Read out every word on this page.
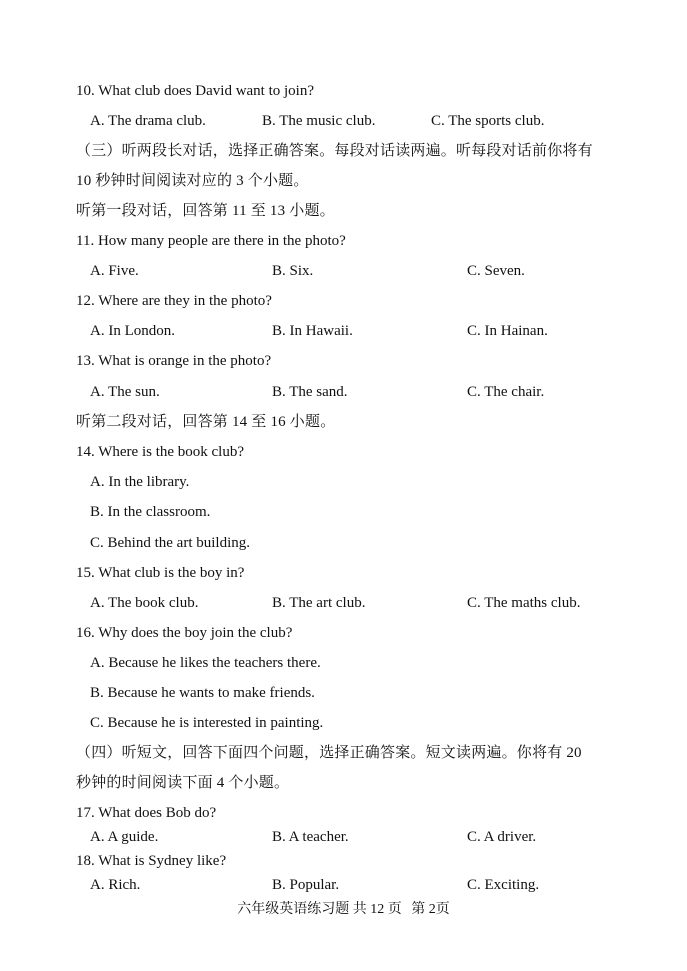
10. What club does David want to join?
A. The drama club.	B. The music club.	C. The sports club.
（三）听两段长对话，选择正确答案。每段对话读两遍。听每段对话前你将有
10 秒钟时间阅读对应的 3 个小题。
听第一段对话，回答第 11 至 13 小题。
11. How many people are there in the photo?
A. Five.	B. Six.	C. Seven.
12. Where are they in the photo?
A. In London.	B. In Hawaii.	C. In Hainan.
13. What is orange in the photo?
A. The sun.	B. The sand.	C. The chair.
听第二段对话，回答第 14 至 16 小题。
14. Where is the book club?
A. In the library.
B. In the classroom.
C. Behind the art building.
15. What club is the boy in?
A. The book club.	B. The art club.	C. The maths club.
16. Why does the boy join the club?
A. Because he likes the teachers there.
B. Because he wants to make friends.
C. Because he is interested in painting.
（四）听短文，回答下面四个问题，选择正确答案。短文读两遍。你将有 20
秒钟的时间阅读下面 4 个小题。
17. What does Bob do?
A. A guide.	B. A teacher.	C. A driver.
18. What is Sydney like?
A. Rich.	B. Popular.	C. Exciting.
六年级英语练习题 共 12 页 第 2页
